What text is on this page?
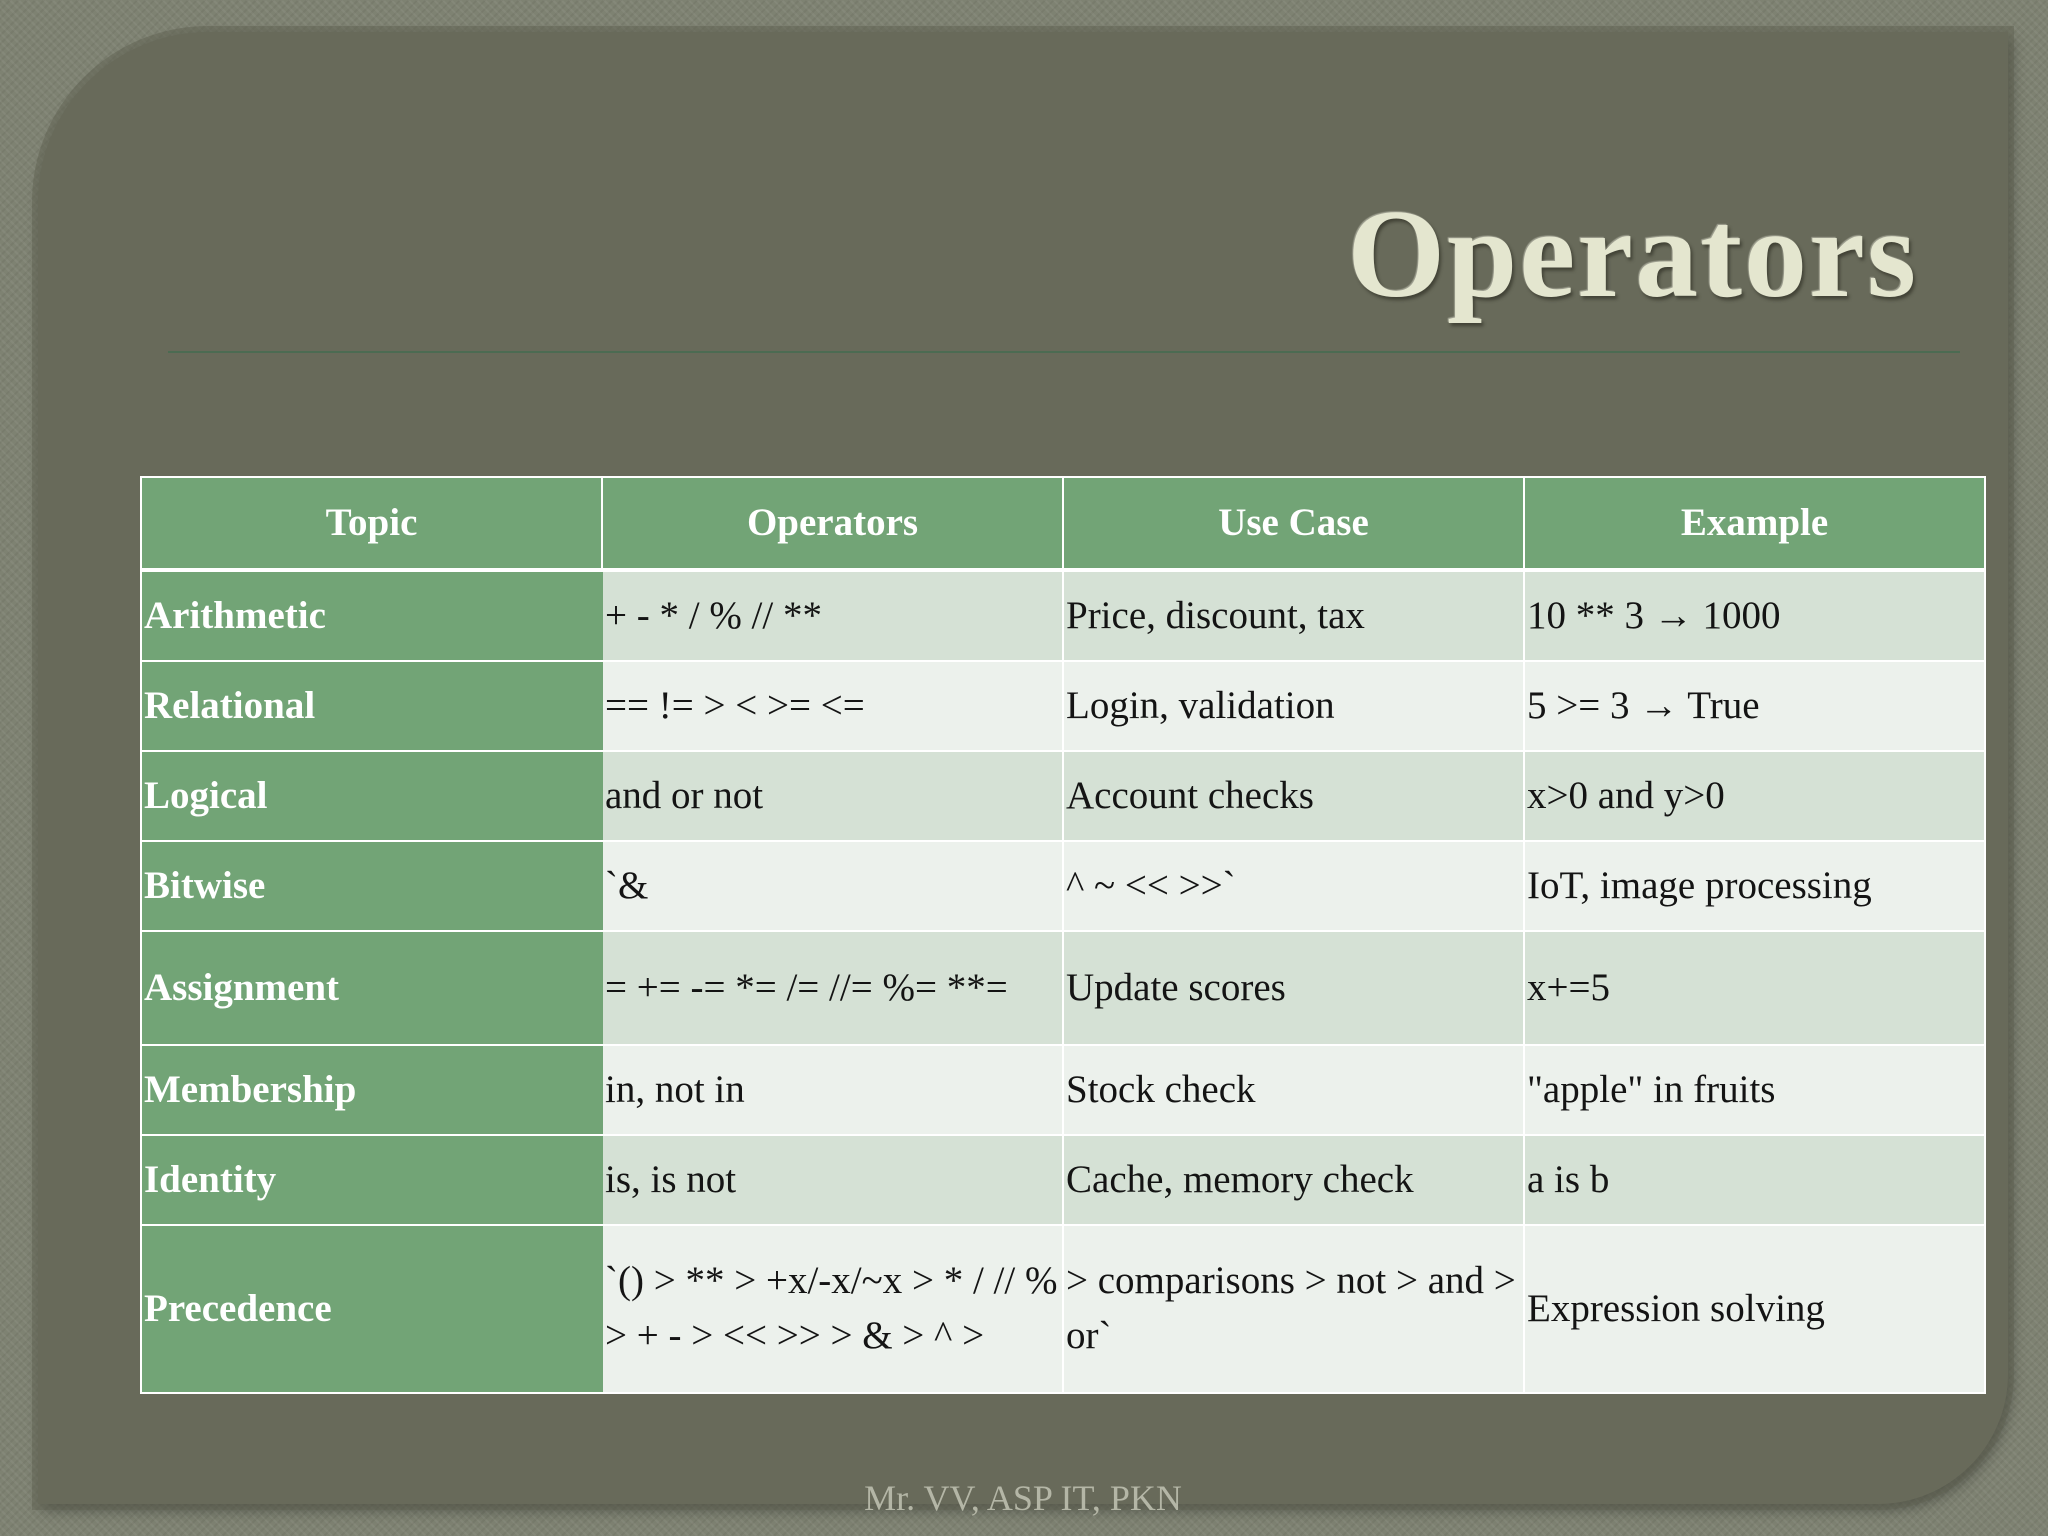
Operators
Topic	Operators	Use Case	Example
Arithmetic	+ - * / % // **	Price, discount, tax	10 ** 3 → 1000
Relational	== != > < >= <=	Login, validation	5 >= 3 → True
Logical	and or not	Account checks	x>0 and y>0
Bitwise	`&	^ ~ << >>`	IoT, image processing
Assignment	= += -= *= /= //= %= **=	Update scores	x+=5
Membership	in, not in	Stock check	"apple" in fruits
Identity	is, is not	Cache, memory check	a is b
Precedence	`() > ** > +x/-x/~x > * / // % > + - > << >> > & > ^ >	> comparisons > not > and > or`	Expression solving
Mr. VV, ASP IT, PKN
